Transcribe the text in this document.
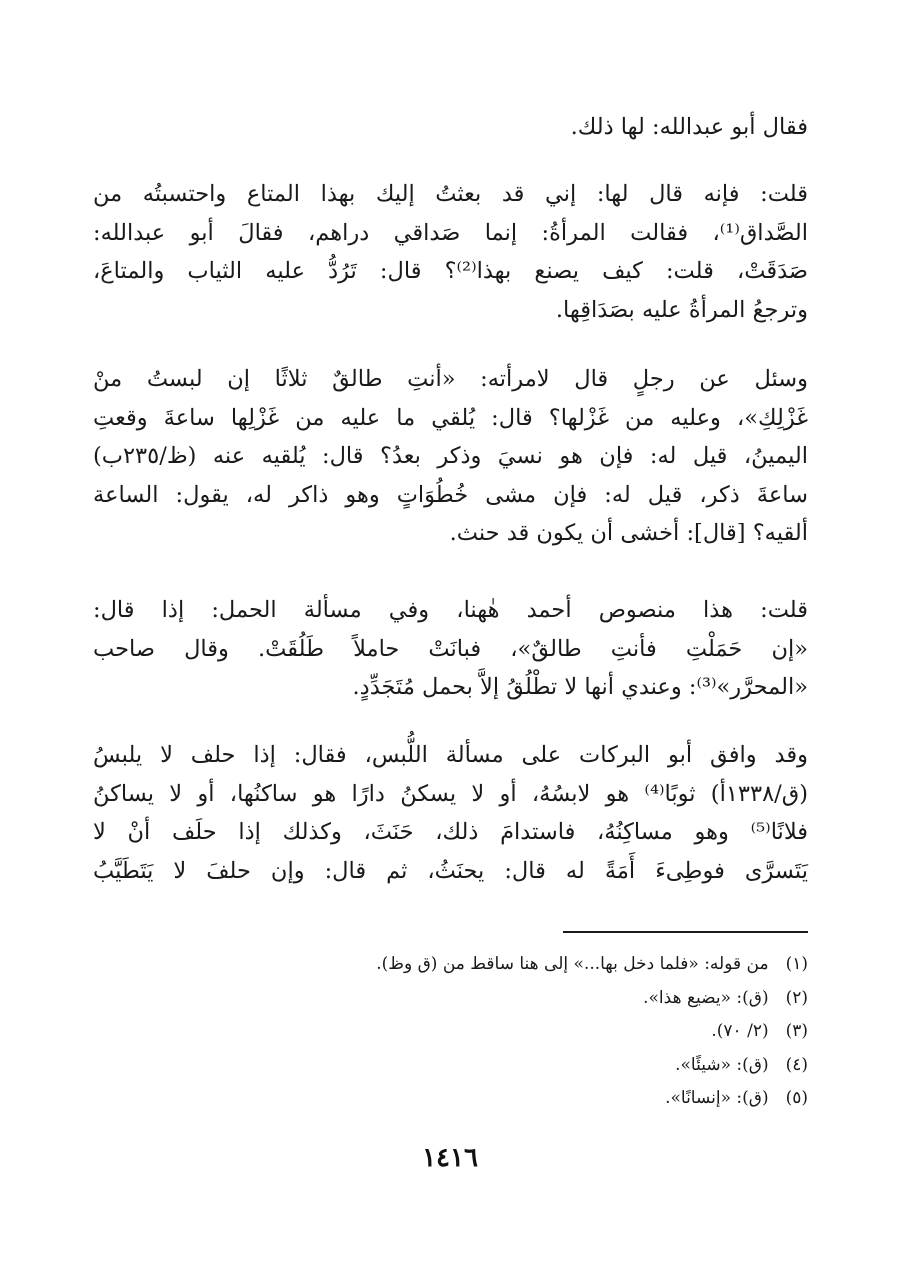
فقال أبو عبدالله: لها ذلك.

قلت: فإنه قال لها: إني قد بعثتُ إليك بهذا المتاع واحتسبتُه من
الصَّداق⁽¹⁾، فقالت المرأةُ: إنما صَداقي دراهم، فقالَ أبو عبدالله:
صَدَقَتْ، قلت: كيف يصنع بهذا⁽²⁾؟ قال: تَرُدُّ عليه الثياب والمتاعَ،
وترجعُ المرأةُ عليه بصَدَاقِها.

وسئل عن رجلٍ قال لامرأته: «أنتِ طالقٌ ثلاثًا إن لبستُ منْ
غَزْلِكِ»، وعليه من غَزْلها؟ قال: يُلقي ما عليه من غَزْلِها ساعةَ وقعتِ
اليمينُ، قيل له: فإن هو نسيَ وذكر بعدُ؟ قال: يُلقيه عنه (ظ/٢٣٥ب)
ساعةَ ذكر، قيل له: فإن مشى خُطُوَاتٍ وهو ذاكر له، يقول: الساعة
ألقيه؟ [قال]: أخشى أن يكون قد حنث.

قلت: هذا منصوص أحمد هٰهنا، وفي مسألة الحمل: إذا قال:
«إن حَمَلْتِ فأنتِ طالقٌ»، فبانَتْ حاملاً طَلُقَتْ. وقال صاحب
«المحرَّر»⁽³⁾: وعندي أنها لا تطْلُقُ إلاَّ بحمل مُتَجَدِّدٍ.

وقد وافق أبو البركات على مسألة اللُّبس، فقال: إذا حلف لا يلبسُ
(ق/١٣٣٨أ) ثوبًا⁽⁴⁾ هو لابسُهُ، أو لا يسكنُ دارًا هو ساكنُها، أو لا يساكنُ
فلانًا⁽⁵⁾ وهو مساكِنُهُ، فاستدامَ ذلك، حَنَثَ، وكذلك إذا حلَف أنْ لا
يَتَسرَّى فوطِىءَ أَمَةً له قال: يحنَثُ، ثم قال: وإن حلفَ لا يَتَطَيَّبُ

(١) من قوله: «فلما دخل بها...» إلى هنا ساقط من (ق وظ).
(٢) (ق): «يضيع هذا».
(٣) (٢/ ٧٠).
(٤) (ق): «شيئًا».
(٥) (ق): «إنسانًا».
١٤١٦
